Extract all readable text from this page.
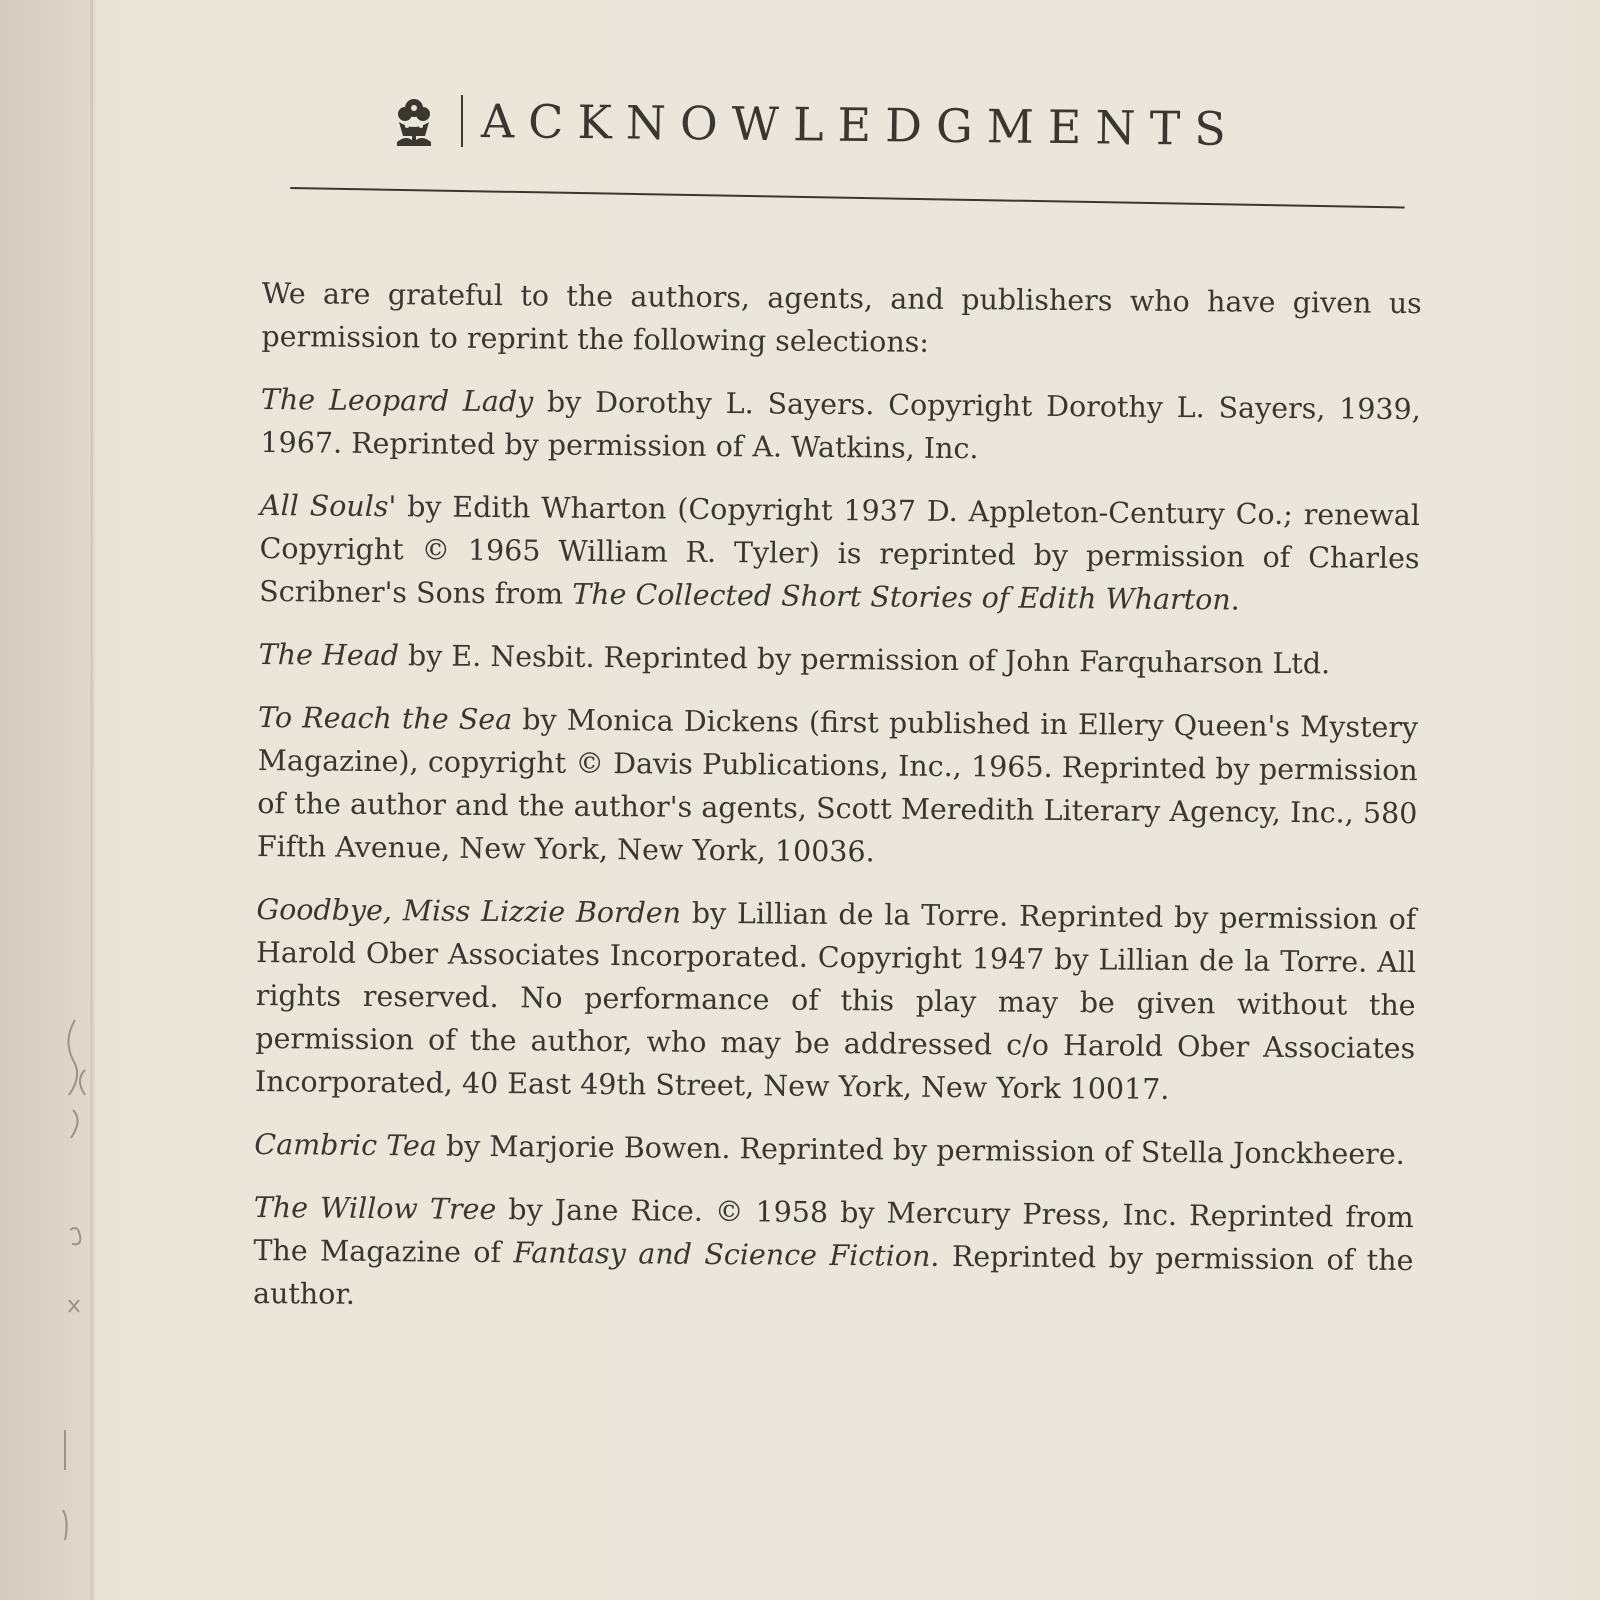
ACKNOWLEDGMENTS

We are grateful to the authors, agents, and publishers who have given us permission to reprint the following selections:

The Leopard Lady by Dorothy L. Sayers. Copyright Dorothy L. Sayers, 1939, 1967. Reprinted by permission of A. Watkins, Inc.

All Souls' by Edith Wharton (Copyright 1937 D. Appleton-Century Co.; renewal Copyright © 1965 William R. Tyler) is reprinted by permission of Charles Scribner's Sons from The Collected Short Stories of Edith Wharton.

The Head by E. Nesbit. Reprinted by permission of John Farquharson Ltd.

To Reach the Sea by Monica Dickens (first published in Ellery Queen's Mystery Magazine), copyright © Davis Publications, Inc., 1965. Reprinted by permission of the author and the author's agents, Scott Meredith Literary Agency, Inc., 580 Fifth Avenue, New York, New York, 10036.

Goodbye, Miss Lizzie Borden by Lillian de la Torre. Reprinted by permission of Harold Ober Associates Incorporated. Copyright 1947 by Lillian de la Torre. All rights reserved. No performance of this play may be given without the permission of the author, who may be addressed c/o Harold Ober Associates Incorporated, 40 East 49th Street, New York, New York 10017.

Cambric Tea by Marjorie Bowen. Reprinted by permission of Stella Jonckheere.

The Willow Tree by Jane Rice. © 1958 by Mercury Press, Inc. Reprinted from The Magazine of Fantasy and Science Fiction. Reprinted by permission of the author.
